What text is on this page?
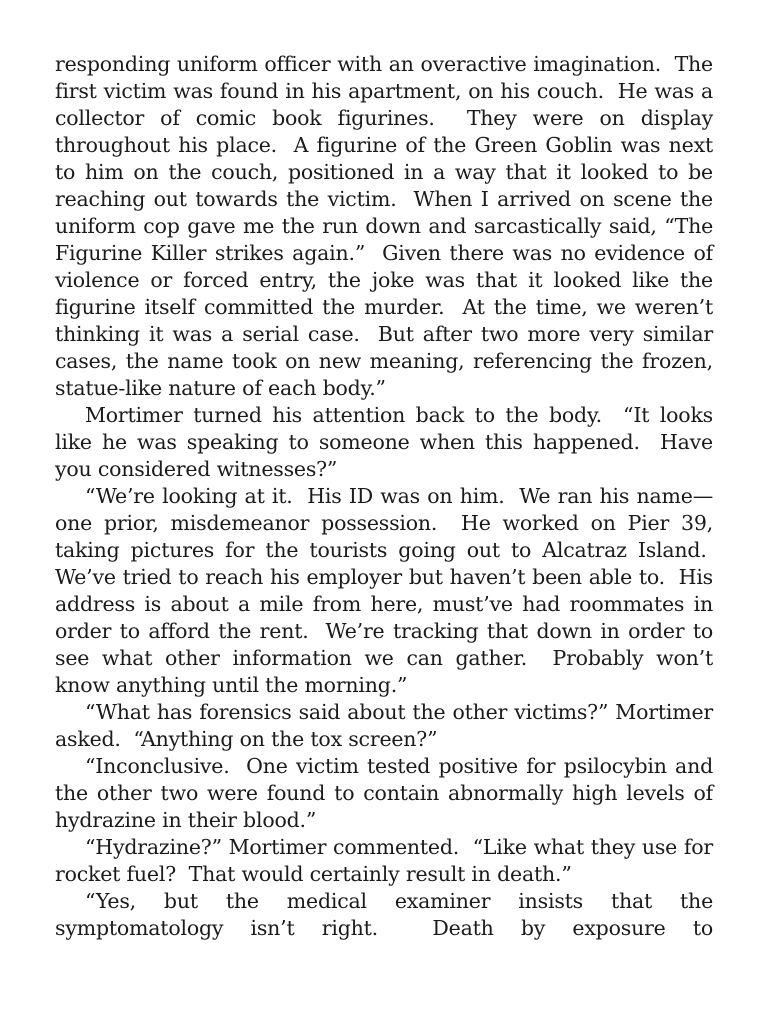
responding uniform officer with an overactive imagination.  The first victim was found in his apartment, on his couch.  He was a collector of comic book figurines.  They were on display throughout his place.  A figurine of the Green Goblin was next to him on the couch, positioned in a way that it looked to be reaching out towards the victim.  When I arrived on scene the uniform cop gave me the run down and sarcastically said, “The Figurine Killer strikes again.”  Given there was no evidence of violence or forced entry, the joke was that it looked like the figurine itself committed the murder.  At the time, we weren’t thinking it was a serial case.  But after two more very similar cases, the name took on new meaning, referencing the frozen, statue-like nature of each body.”

Mortimer turned his attention back to the body.  “It looks like he was speaking to someone when this happened.  Have you considered witnesses?”

“We’re looking at it.  His ID was on him.  We ran his name—one prior, misdemeanor possession.  He worked on Pier 39, taking pictures for the tourists going out to Alcatraz Island.  We’ve tried to reach his employer but haven’t been able to.  His address is about a mile from here, must’ve had roommates in order to afford the rent.  We’re tracking that down in order to see what other information we can gather.  Probably won’t know anything until the morning.”

“What has forensics said about the other victims?” Mortimer asked.  “Anything on the tox screen?”

“Inconclusive.  One victim tested positive for psilocybin and the other two were found to contain abnormally high levels of hydrazine in their blood.”

“Hydrazine?” Mortimer commented.  “Like what they use for rocket fuel?  That would certainly result in death.”

“Yes, but the medical examiner insists that the symptomatology isn’t right.  Death by exposure to
